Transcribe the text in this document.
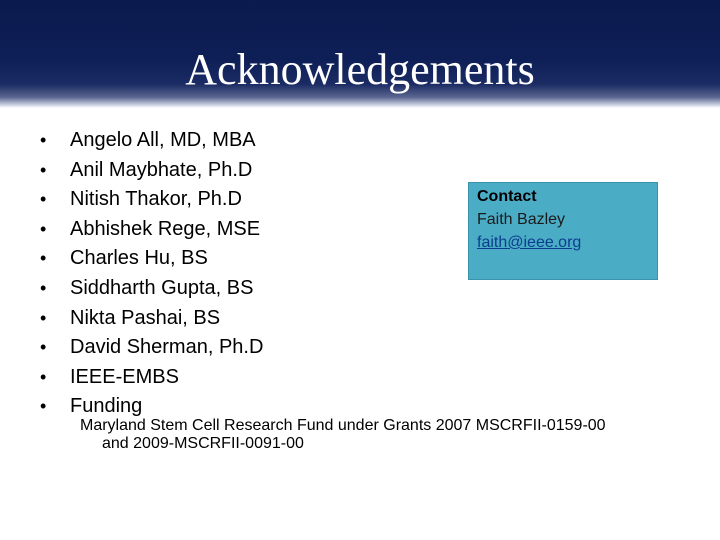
Acknowledgements
•	Angelo All, MD, MBA
•	Anil Maybhate, Ph.D
•	Nitish Thakor, Ph.D
•	Abhishek Rege, MSE
•	Charles Hu, BS
•	Siddharth Gupta, BS
•	Nikta Pashai, BS
•	David Sherman, Ph.D
•	IEEE-EMBS
•	Funding
Maryland Stem Cell Research Fund under Grants 2007 MSCRFII-0159-00
and 2009-MSCRFII-0091-00
Contact
Faith Bazley
faith@ieee.org
